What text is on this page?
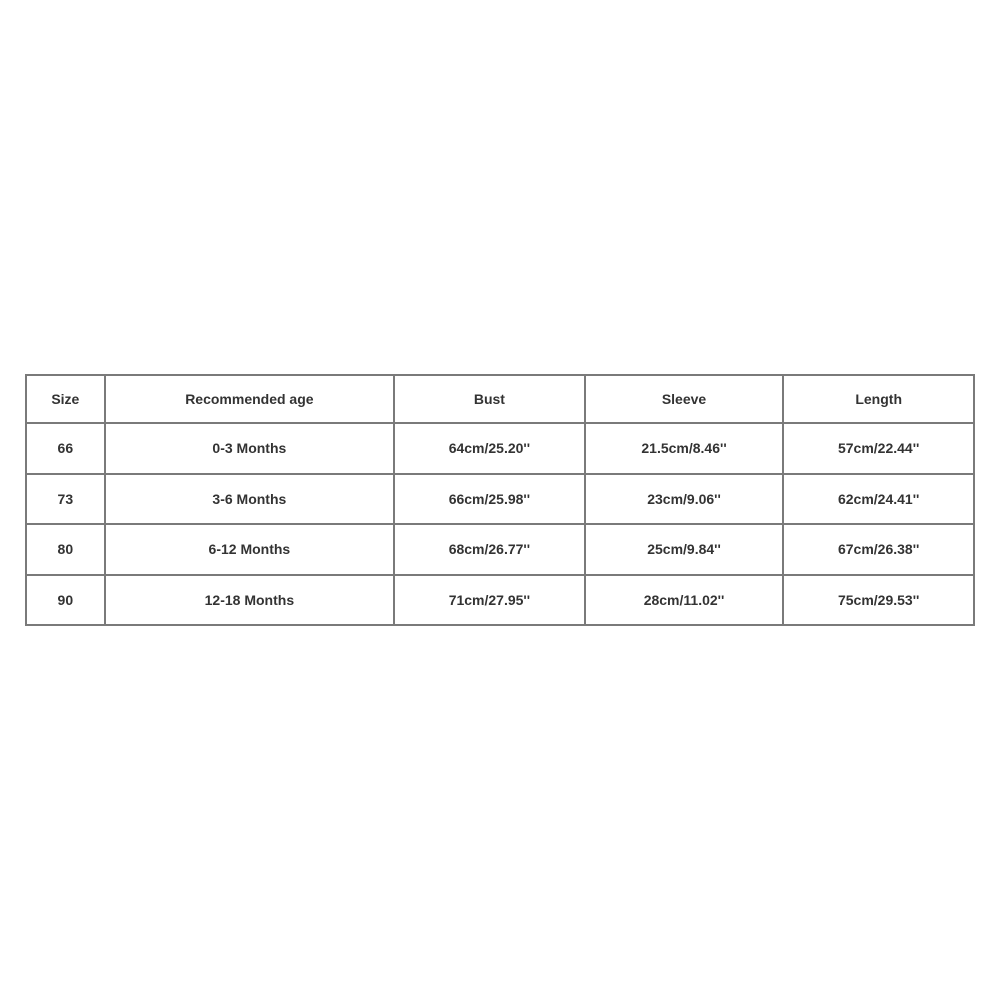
Size	Recommended age	Bust	Sleeve	Length
66	0-3 Months	64cm/25.20''	21.5cm/8.46''	57cm/22.44''
73	3-6 Months	66cm/25.98''	23cm/9.06''	62cm/24.41''
80	6-12 Months	68cm/26.77''	25cm/9.84''	67cm/26.38''
90	12-18 Months	71cm/27.95''	28cm/11.02''	75cm/29.53''
